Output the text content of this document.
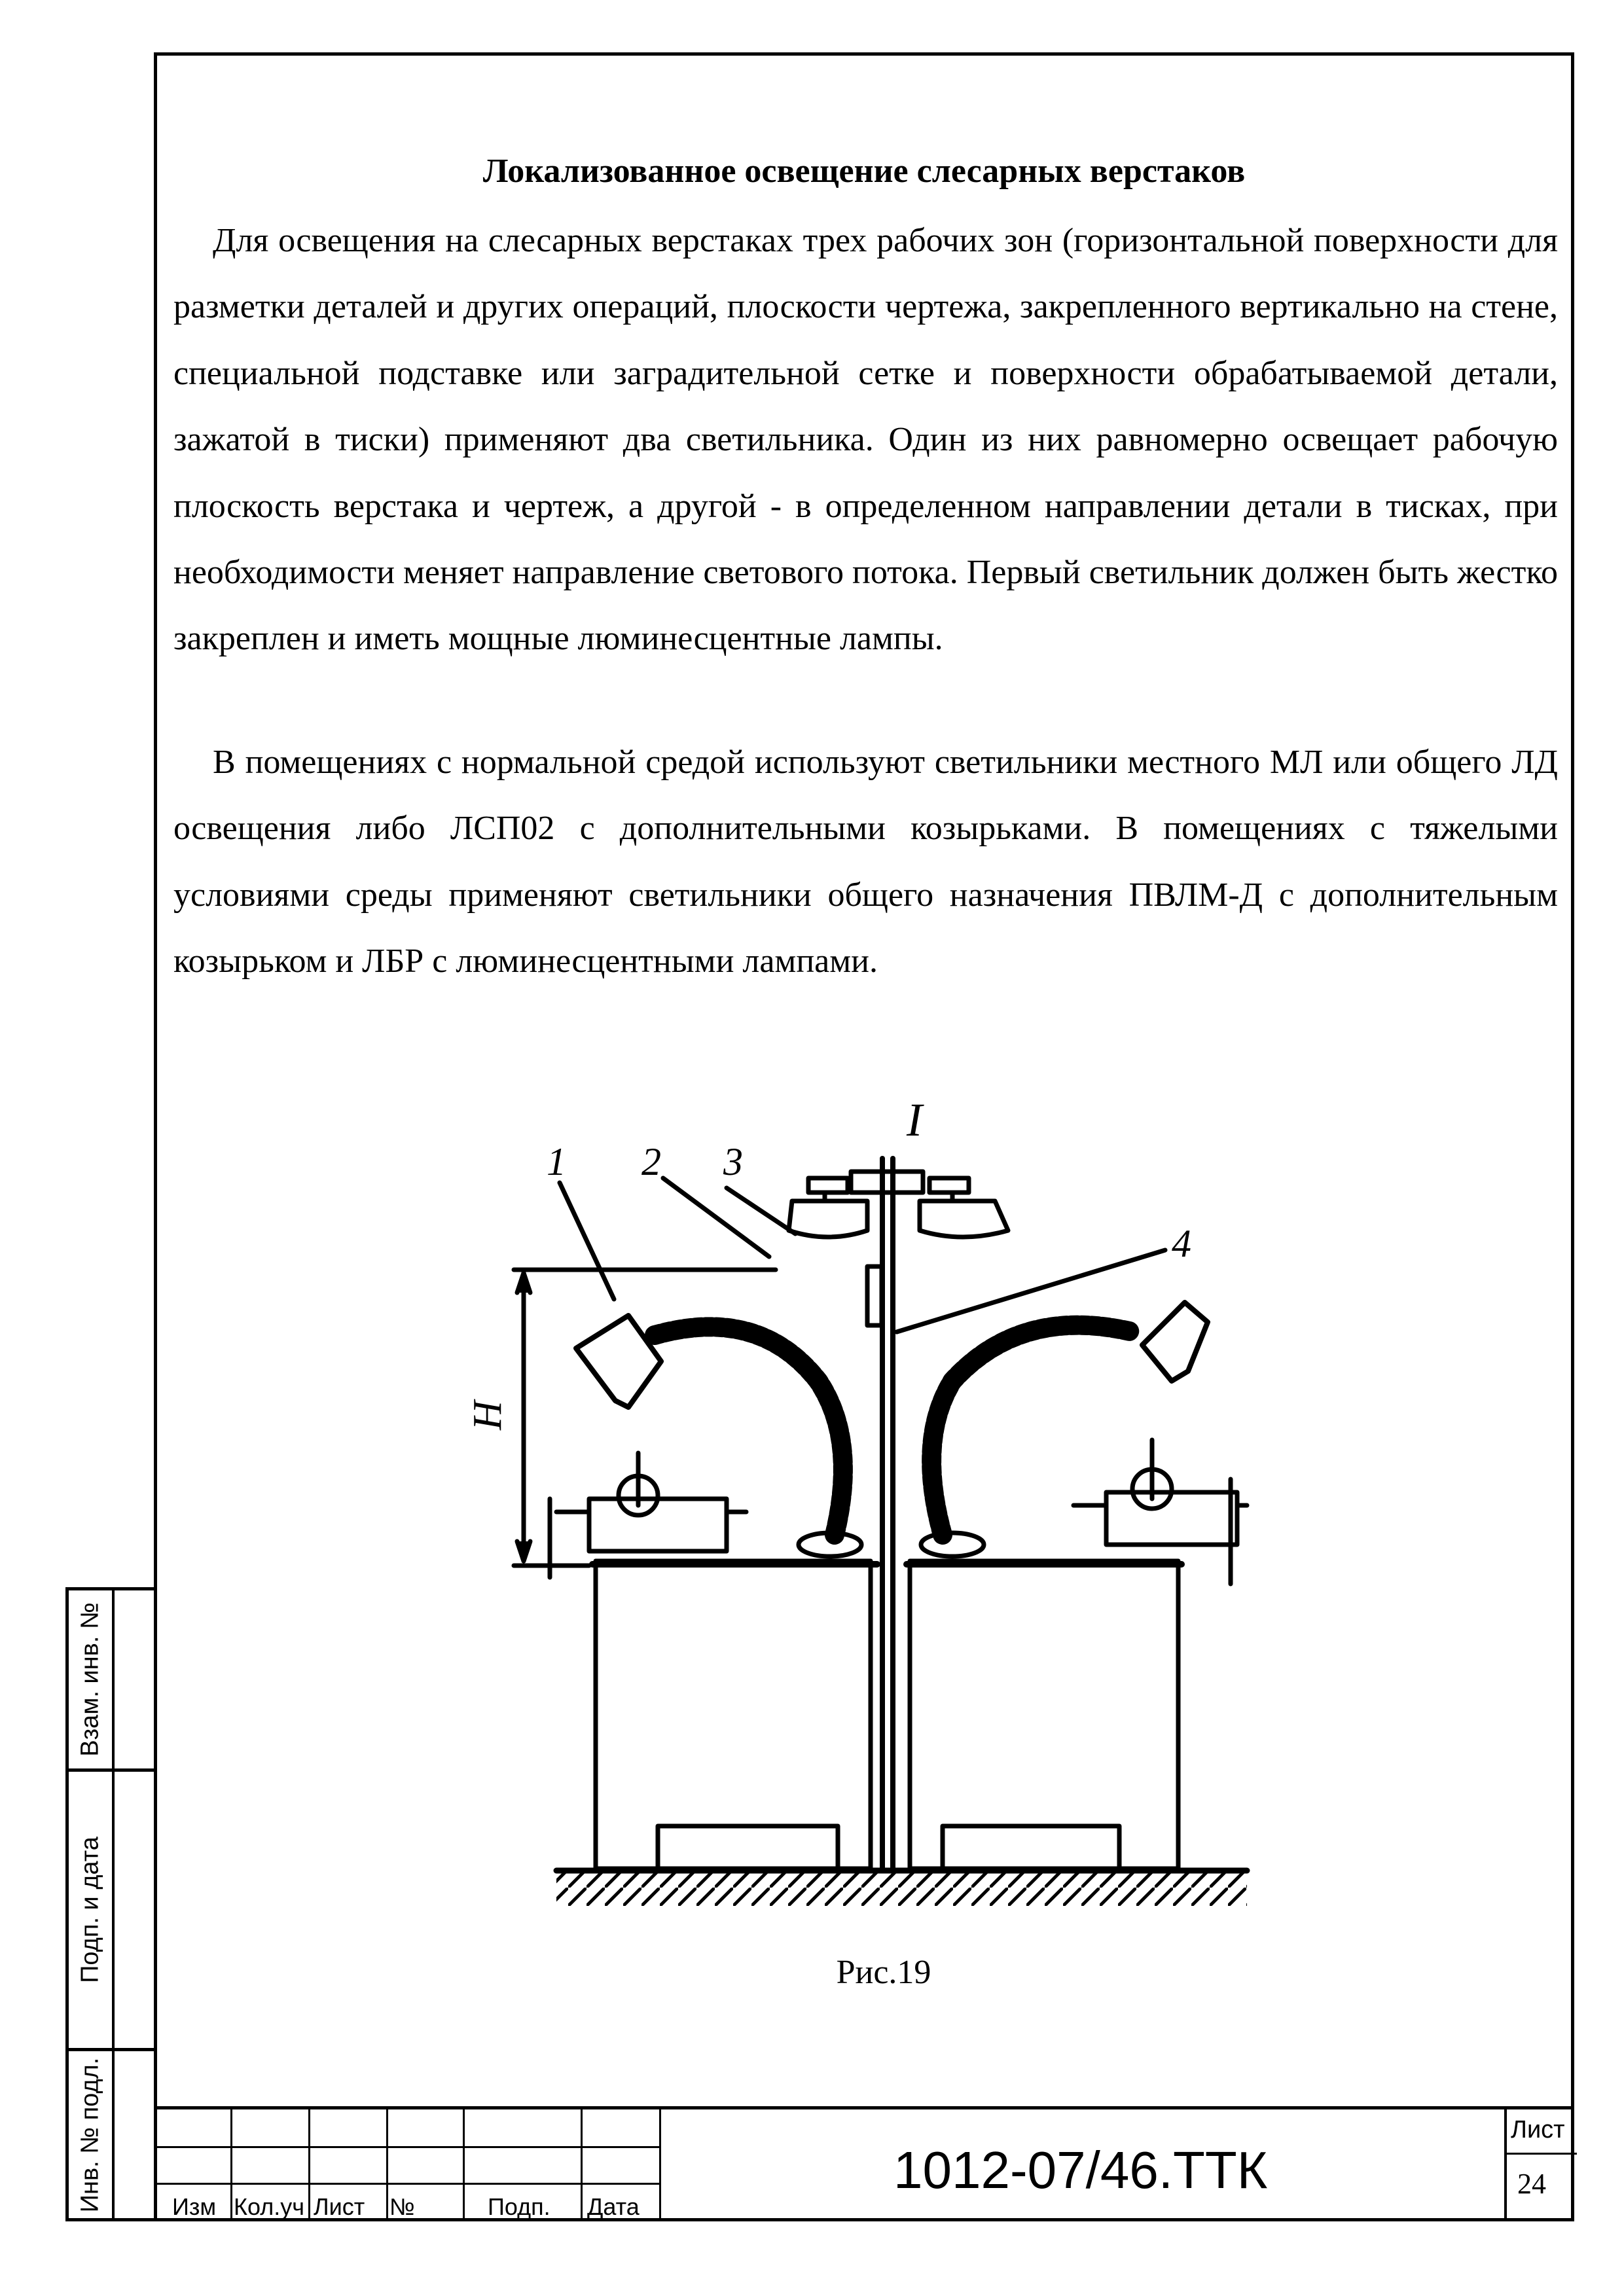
Локализованное освещение слесарных верстаков

Для освещения на слесарных верстаках трех рабочих зон (горизонтальной поверхности для разметки деталей и других операций, плоскости чертежа, закрепленного вертикально на стене, специальной подставке или заградительной сетке и поверхности обрабатываемой детали, зажатой в тиски) применяют два светильника. Один из них равномерно освещает рабочую плоскость верстака и чертеж, а другой - в определенном направлении детали в тисках, при необходимости меняет направление светового потока. Первый светильник должен быть жестко закреплен и иметь мощные люминесцентные лампы.

В помещениях с нормальной средой используют светильники местного МЛ или общего ЛД освещения либо ЛСП02 с дополнительными козырьками. В помещениях с тяжелыми условиями среды применяют светильники общего назначения ПВЛМ-Д с дополнительным козырьком и ЛБР с люминесцентными лампами.

1 2 3
4
I
H
Рис.19
Взам. инв. №
Подп. и дата
Инв. № подл.	Изм Кол.уч Лист №	Подп. Дата
1012-07/46.ТТК
Лист
24
